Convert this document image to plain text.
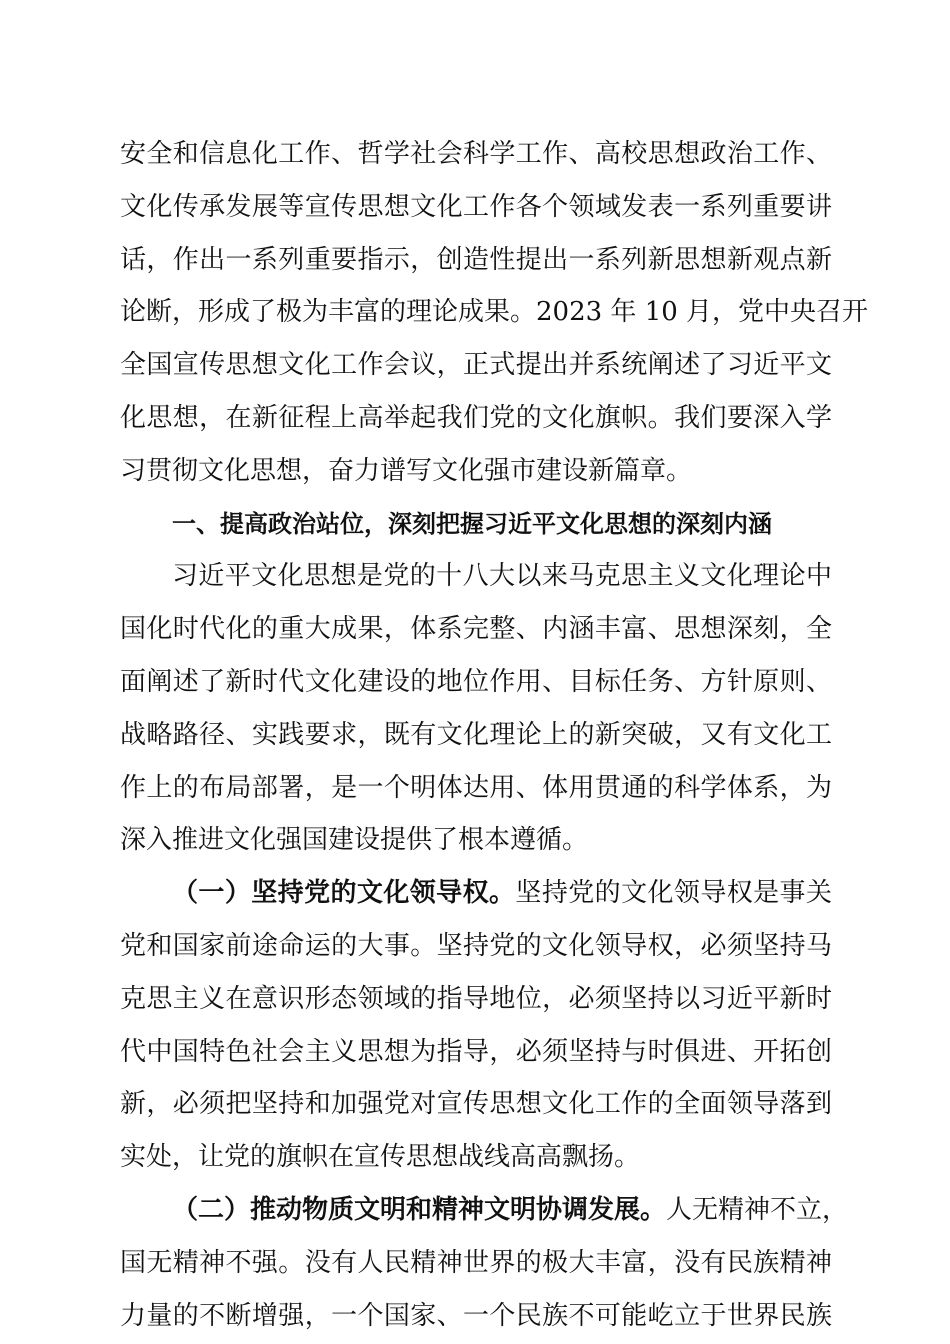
安全和信息化工作、哲学社会科学工作、高校思想政治工作、
文化传承发展等宣传思想文化工作各个领域发表一系列重要讲
话，作出一系列重要指示，创造性提出一系列新思想新观点新
论断，形成了极为丰富的理论成果。2023 年 10 月，党中央召开
全国宣传思想文化工作会议，正式提出并系统阐述了习近平文
化思想，在新征程上高举起我们党的文化旗帜。我们要深入学
习贯彻文化思想，奋力谱写文化强市建设新篇章。
一、提高政治站位，深刻把握习近平文化思想的深刻内涵
习近平文化思想是党的十八大以来马克思主义文化理论中
国化时代化的重大成果，体系完整、内涵丰富、思想深刻，全
面阐述了新时代文化建设的地位作用、目标任务、方针原则、
战略路径、实践要求，既有文化理论上的新突破，又有文化工
作上的布局部署，是一个明体达用、体用贯通的科学体系，为
深入推进文化强国建设提供了根本遵循。
（一）坚持党的文化领导权。坚持党的文化领导权是事关
党和国家前途命运的大事。坚持党的文化领导权，必须坚持马
克思主义在意识形态领域的指导地位，必须坚持以习近平新时
代中国特色社会主义思想为指导，必须坚持与时俱进、开拓创
新，必须把坚持和加强党对宣传思想文化工作的全面领导落到
实处，让党的旗帜在宣传思想战线高高飘扬。
（二）推动物质文明和精神文明协调发展。人无精神不立，
国无精神不强。没有人民精神世界的极大丰富，没有民族精神
力量的不断增强，一个国家、一个民族不可能屹立于世界民族
